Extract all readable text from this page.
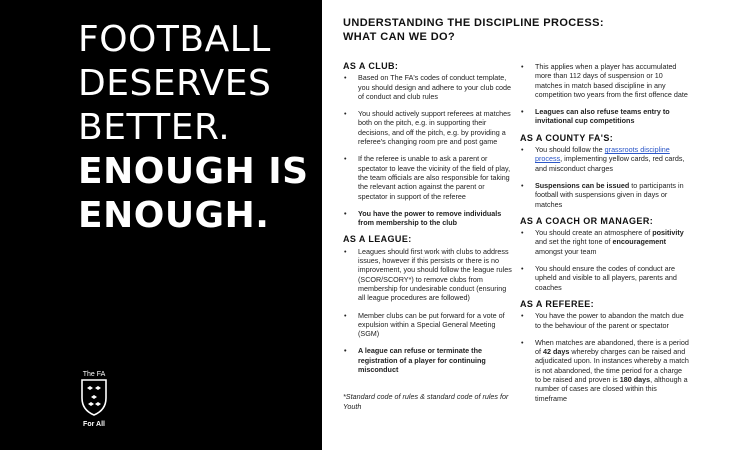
FOOTBALL
DESERVES
BETTER.
ENOUGH IS
ENOUGH.
The FA
For All
UNDERSTANDING THE DISCIPLINE PROCESS:
WHAT CAN WE DO?
AS A CLUB:
• Based on The FA's codes of conduct template, you should design and adhere to your club code of conduct and club rules
• You should actively support referees at matches both on the pitch, e.g. in supporting their decisions, and off the pitch, e.g. by providing a referee's changing room pre and post game
• If the referee is unable to ask a parent or spectator to leave the vicinity of the field of play, the team officials are also responsible for taking the relevant action against the parent or spectator in support of the referee
• You have the power to remove individuals from membership to the club
AS A LEAGUE:
• Leagues should first work with clubs to address issues, however if this persists or there is no improvement, you should follow the league rules (SCOR/SCORY*) to remove clubs from membership for undesirable conduct (ensuring all league procedures are followed)
• Member clubs can be put forward for a vote of expulsion within a Special General Meeting (SGM)
• A league can refuse or terminate the registration of a player for continuing misconduct
*Standard code of rules & standard code of rules for Youth
• This applies when a player has accumulated more than 112 days of suspension or 10 matches in match based discipline in any competition two years from the first offence date
• Leagues can also refuse teams entry to invitational cup competitions
AS A COUNTY FA'S:
• You should follow the grassroots discipline process, implementing yellow cards, red cards, and misconduct charges
• Suspensions can be issued to participants in football with suspensions given in days or matches
AS A COACH OR MANAGER:
• You should create an atmosphere of positivity and set the right tone of encouragement amongst your team
• You should ensure the codes of conduct are upheld and visible to all players, parents and coaches
AS A REFEREE:
• You have the power to abandon the match due to the behaviour of the parent or spectator
• When matches are abandoned, there is a period of 42 days whereby charges can be raised and adjudicated upon. In instances whereby a match is not abandoned, the time period for a charge to be raised and proven is 180 days, although a number of cases are closed within this timeframe
